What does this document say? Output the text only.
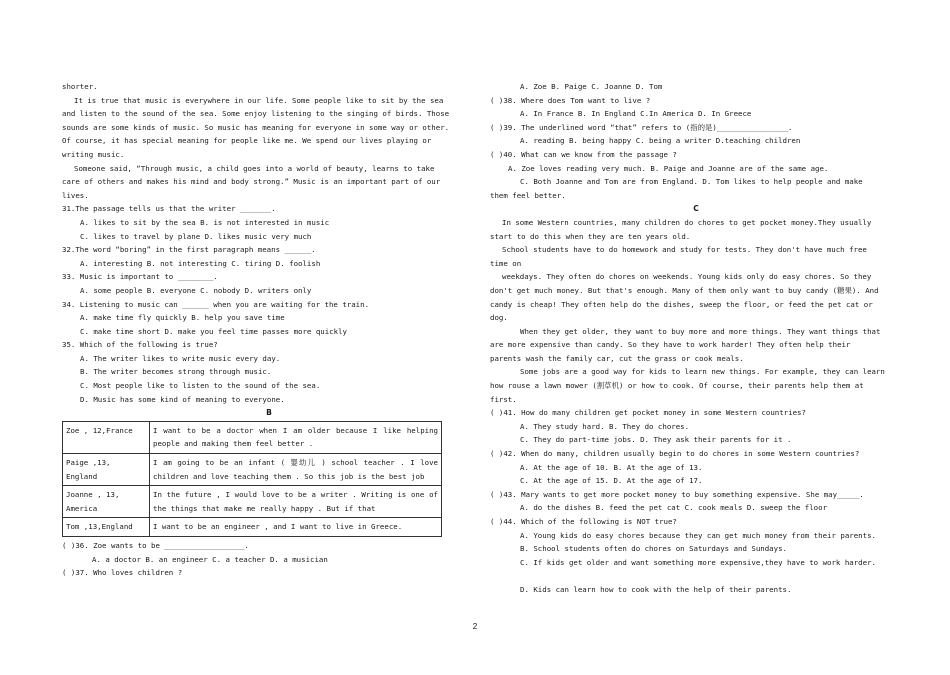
shorter.
It is true that music is everywhere in our life. Some people like to sit by the sea
and listen to the sound of the sea. Some enjoy listening to the singing of birds. Those
sounds are some kinds of music. So music has meaning for everyone in some way or other.
Of course, it has special meaning for people like me. We spend our lives playing or
writing music.
Someone said, “Through music, a child goes into a world of beauty, learns to take
care of others and makes his mind and body strong.” Music is an important part of our
lives.
31.The passage tells us that the writer _______.
A. likes to sit by the sea B. is not interested in music
C. likes to travel by plane D. likes music very much
32.The word “boring” in the first paragraph means ______.
A. interesting B. not interesting C. tiring D. foolish
33. Music is important to ________.
A. some people B. everyone C. nobody D. writers only
34. Listening to music can ______ when you are waiting for the train.
A. make time fly quickly B. help you save time
C. make time short D. make you feel time passes more quickly
35. Which of the following is true?
A. The writer likes to write music every day.
B. The writer becomes strong through music.
C. Most people like to listen to the sound of the sea.
D. Music has some kind of meaning to everyone.
B
Zoe , 12,France	I want to be a doctor when I am older because I like helping people and making them feel better .
Paige ,13, England	I am going to be an infant ( 婴幼儿 ) school teacher . I love children and love teaching them . So this job is the best job
Joanne , 13, America	In the future , I would love to be a writer . Writing is one of the things that make me really happy . But if that
Tom ,13,England	I want to be an engineer , and I want to live in Greece.
( )36. Zoe wants to be __________________.
A. a doctor B. an engineer C. a teacher D. a musician
( )37. Who loves children ?
A. Zoe B. Paige C. Joanne D. Tom
( )38. Where does Tom want to live ?
A. In France B. In England C.In America D. In Greece
( )39. The underlined word “that” refers to (指的是)________________.
A. reading B. being happy C. being a writer D.teaching children
( )40. What can we know from the passage ?
A. Zoe loves reading very much. B. Paige and Joanne are of the same age.
C. Both Joanne and Tom are from England. D. Tom likes to help people and make
them feel better.
C
In some Western countries, many children do chores to get pocket money.They usually
start to do this when they are ten years old.
School students have to do homework and study for tests. They don't have much free
time on
weekdays. They often do chores on weekends. Young kids only do easy chores. So they
don't get much money. But that's enough. Many of them only want to buy candy (糖果). And
candy is cheap! They often help do the dishes, sweep the floor, or feed the pet cat or
dog.
When they get older, they want to buy more and more things. They want things that
are more expensive than candy. So they have to work harder! They often help their
parents wash the family car, cut the grass or cook meals.
Some jobs are a good way for kids to learn new things. For example, they can learn
how rouse a lawn mower (割草机) or how to cook. Of course, their parents help them at
first.
( )41. How do many children get pocket money in some Western countries?
A. They study hard. B. They do chores.
C. They do part-time jobs. D. They ask their parents for it .
( )42. When do many, children usually begin to do chores in some Western countries?
A. At the age of 10. B. At the age of 13.
C. At the age of 15. D. At the age of 17.
( )43. Mary wants to get more pocket money to buy something expensive. She may_____.
A. do the dishes B. feed the pet cat C. cook meals D. sweep the floor
( )44. Which of the following is NOT true?
A. Young kids do easy chores because they can get much money from their parents.
B. School students often do chores on Saturdays and Sundays.
C. If kids get older and want something more expensive,they have to work harder.

D. Kids can learn how to cook with the help of their parents.
2
